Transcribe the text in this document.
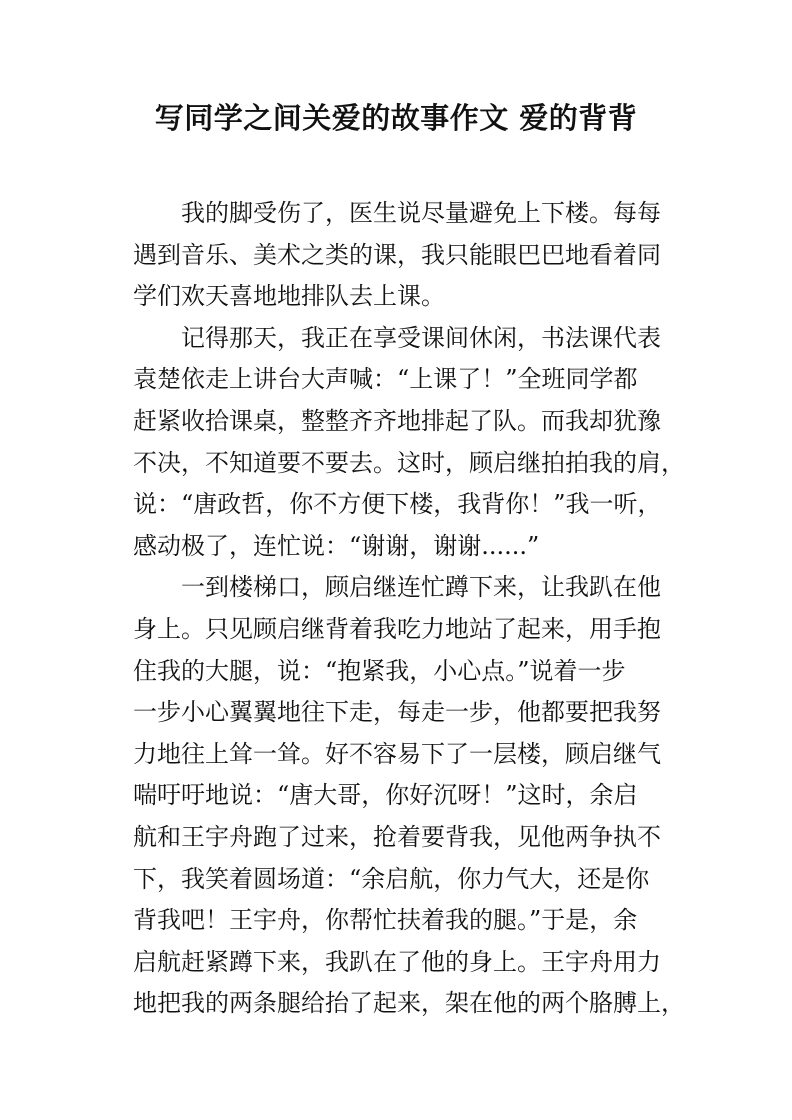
写同学之间关爱的故事作文 爱的背背
我的脚受伤了，医生说尽量避免上下楼。每每
遇到音乐、美术之类的课，我只能眼巴巴地看着同
学们欢天喜地地排队去上课。
记得那天，我正在享受课间休闲，书法课代表
袁楚依走上讲台大声喊：“上课了！”全班同学都
赶紧收拾课桌，整整齐齐地排起了队。而我却犹豫
不决，不知道要不要去。这时，顾启继拍拍我的肩，
说：“唐政哲，你不方便下楼，我背你！”我一听，
感动极了，连忙说：“谢谢，谢谢......”
一到楼梯口，顾启继连忙蹲下来，让我趴在他
身上。只见顾启继背着我吃力地站了起来，用手抱
住我的大腿，说：“抱紧我，小心点。”说着一步
一步小心翼翼地往下走，每走一步，他都要把我努
力地往上耸一耸。好不容易下了一层楼，顾启继气
喘吁吁地说：“唐大哥，你好沉呀！”这时，余启
航和王宇舟跑了过来，抢着要背我，见他两争执不
下，我笑着圆场道：“余启航，你力气大，还是你
背我吧！王宇舟，你帮忙扶着我的腿。”于是，余
启航赶紧蹲下来，我趴在了他的身上。王宇舟用力
地把我的两条腿给抬了起来，架在他的两个胳膊上，
